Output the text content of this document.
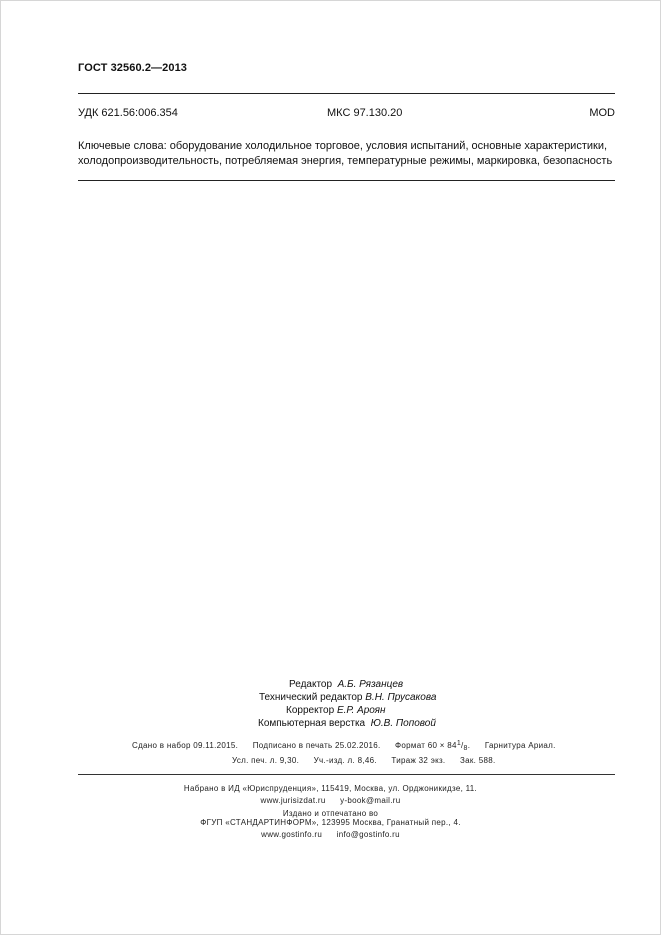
ГОСТ 32560.2—2013
УДК 621.56:006.354	МКС 97.130.20	MOD
Ключевые слова: оборудование холодильное торговое, условия испытаний, основные характеристики,
холодопроизводительность, потребляемая энергия, температурные режимы, маркировка, безопасность
Редактор А.Б. Рязанцев
Технический редактор В.Н. Прусакова
Корректор Е.Р. Ароян
Компьютерная верстка Ю.В. Поповой
Сдано в набор 09.11.2015. Подписано в печать 25.02.2016. Формат 60 × 841/8. Гарнитура Ариал.
Усл. печ. л. 9,30. Уч.-изд. л. 8,46. Тираж 32 экз. Зак. 588.
Набрано в ИД «Юриспруденция», 115419, Москва, ул. Орджоникидзе, 11.
www.jurisizdat.ru y-book@mail.ru
Издано и отпечатано во
ФГУП «СТАНДАРТИНФОРМ», 123995 Москва, Гранатный пер., 4.
www.gostinfo.ru info@gostinfo.ru
